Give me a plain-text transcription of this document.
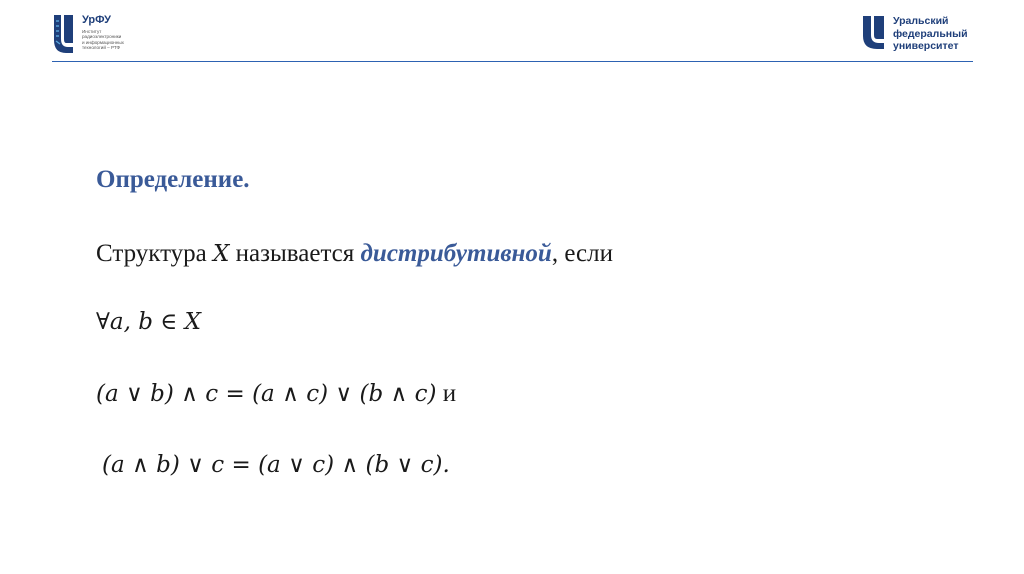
УрФУ
Институт
радиоэлектроники
и информационных
технологий – РТФ
Уральский
федеральный
университет
Определение.
Структура X называется дистрибутивной, если
∀a, b ∈ X
(a ∨ b) ∧ c = (a ∧ c) ∨ (b ∧ c) и
(a ∧ b) ∨ c = (a ∨ c) ∧ (b ∨ c).
